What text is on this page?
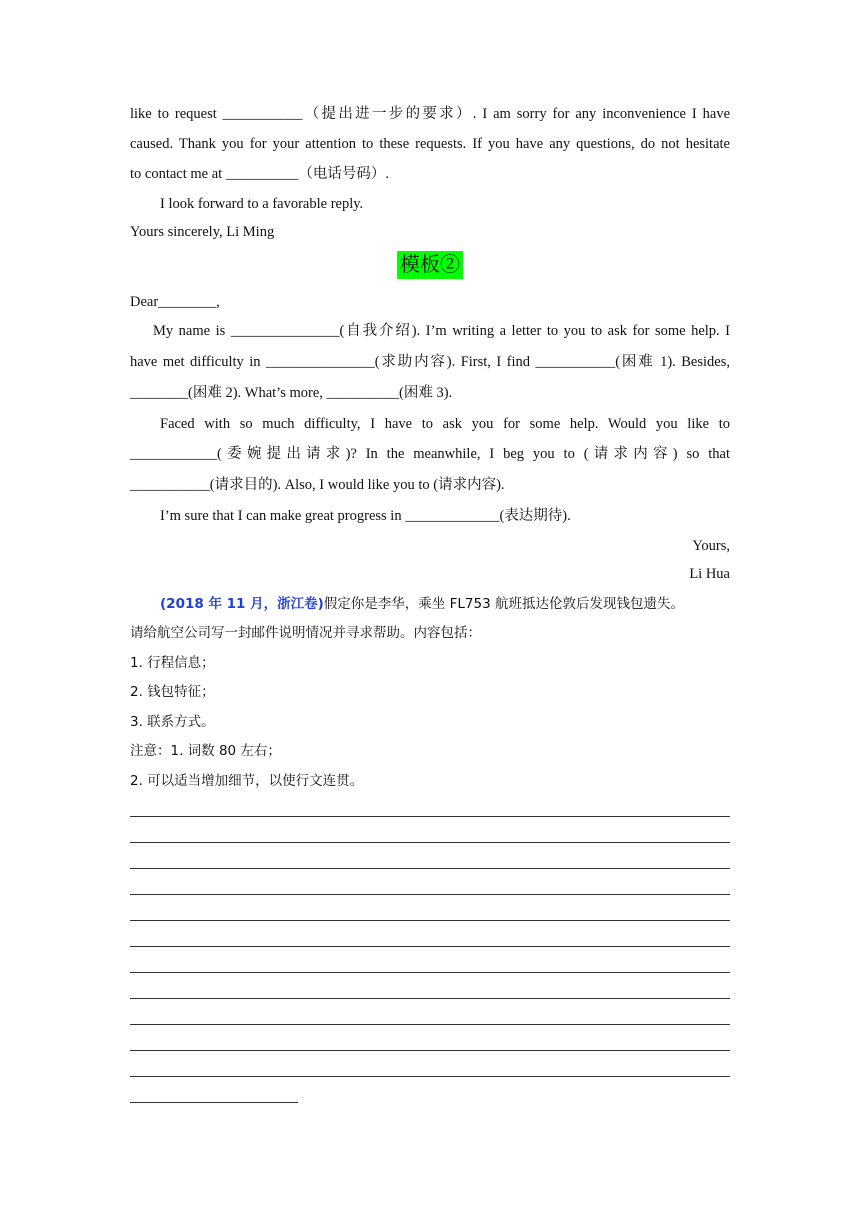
like to request ___________（提出进一步的要求）. I am sorry for any inconvenience I have
caused. Thank you for your attention to these requests. If you have any questions, do not hesitate
to contact me at __________（电话号码）.
I look forward to a favorable reply.
Yours sincerely, Li Ming
模板②
Dear________,
My name is _______________(自我介绍). I’m writing a letter to you to ask for some help. I
have met difficulty in _______________(求助内容). First, I find ___________(困难 1). Besides,
________(困难 2). What’s more, __________(困难 3).
Faced with so much difficulty, I have to ask you for some help. Would you like to
____________(委婉提出请求)? In the meanwhile, I beg you to (请求内容) so that
___________(请求目的). Also, I would like you to (请求内容).
I’m sure that I can make great progress in _____________(表达期待).
Yours,
Li Hua
(2018 年 11 月，浙江卷)假定你是李华，乘坐 FL753 航班抵达伦敦后发现钱包遗失。
请给航空公司写一封邮件说明情况并寻求帮助。内容包括：
1. 行程信息；
2. 钱包特征；
3. 联系方式。
注意：1. 词数 80 左右；
2. 可以适当增加细节，以使行文连贯。
